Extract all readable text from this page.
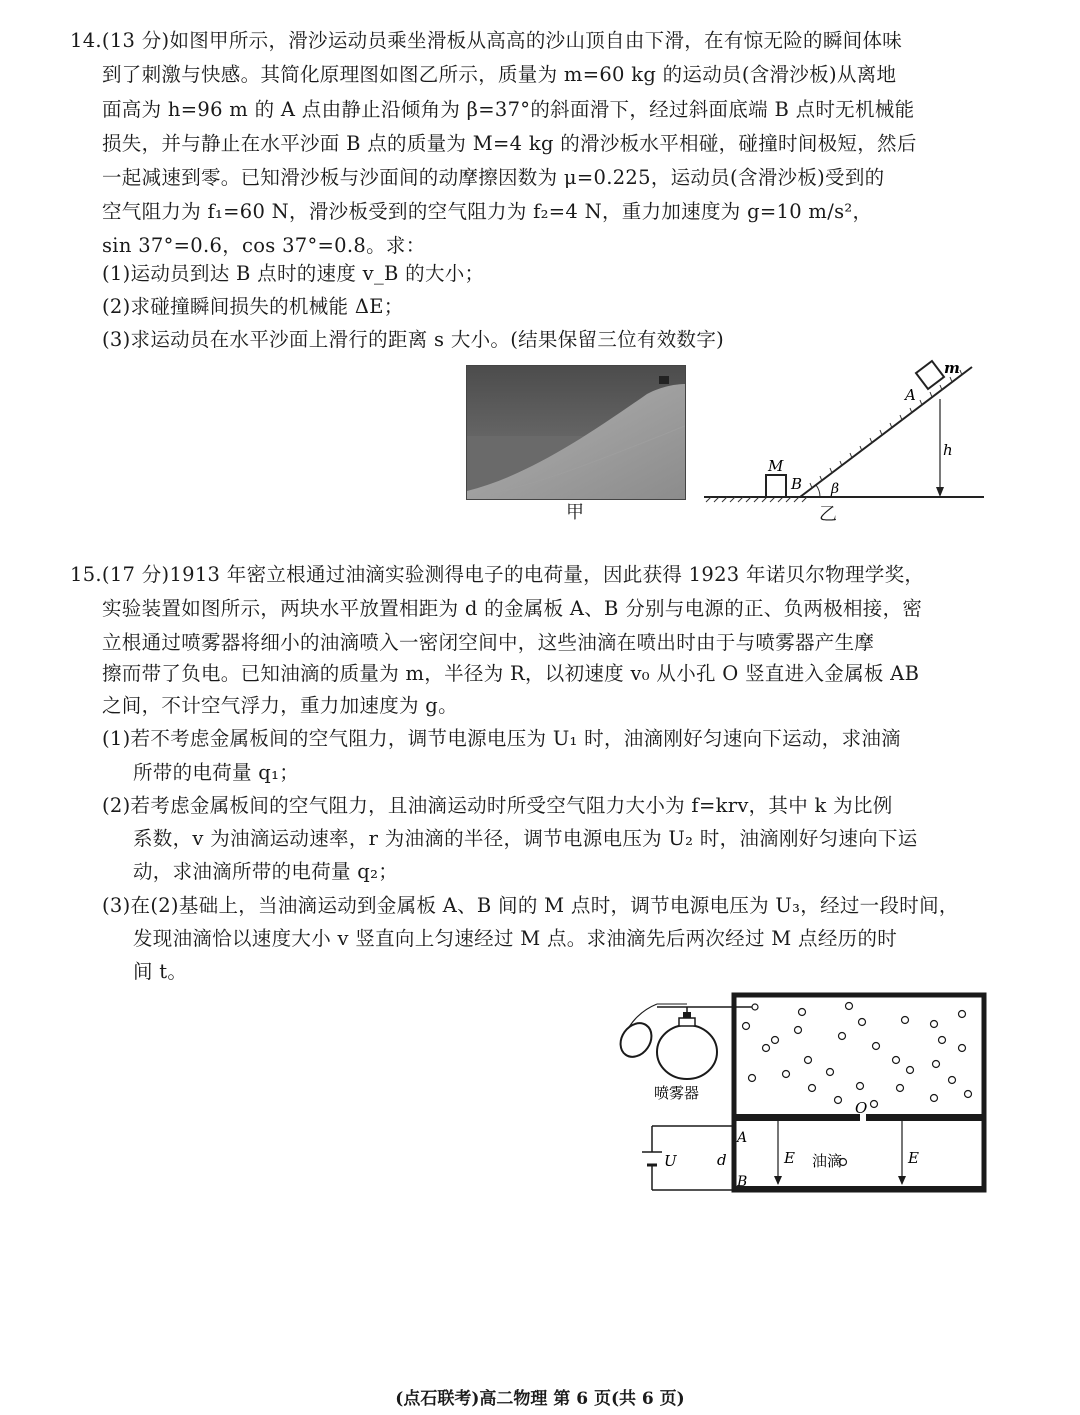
14.(13 分)如图甲所示，滑沙运动员乘坐滑板从高高的沙山顶自由下滑，在有惊无险的瞬间体味
到了刺激与快感。其简化原理图如图乙所示，质量为 m=60 kg 的运动员(含滑沙板)从离地
面高为 h=96 m 的 A 点由静止沿倾角为 β=37°的斜面滑下，经过斜面底端 B 点时无机械能
损失，并与静止在水平沙面 B 点的质量为 M=4 kg 的滑沙板水平相碰，碰撞时间极短，然后
一起减速到零。已知滑沙板与沙面间的动摩擦因数为 μ=0.225，运动员(含滑沙板)受到的
空气阻力为 f₁=60 N，滑沙板受到的空气阻力为 f₂=4 N，重力加速度为 g=10 m/s²，
sin 37°=0.6，cos 37°=0.8。求：
(1)运动员到达 B 点时的速度 v_B 的大小；
(2)求碰撞瞬间损失的机械能 ΔE；
(3)求运动员在水平沙面上滑行的距离 s 大小。(结果保留三位有效数字)
甲
m
A
h
M
B β
乙
15.(17 分)1913 年密立根通过油滴实验测得电子的电荷量，因此获得 1923 年诺贝尔物理学奖，
实验装置如图所示，两块水平放置相距为 d 的金属板 A、B 分别与电源的正、负两极相接，密
立根通过喷雾器将细小的油滴喷入一密闭空间中，这些油滴在喷出时由于与喷雾器产生摩
擦而带了负电。已知油滴的质量为 m，半径为 R，以初速度 v₀ 从小孔 O 竖直进入金属板 AB
之间，不计空气浮力，重力加速度为 g。
(1)若不考虑金属板间的空气阻力，调节电源电压为 U₁ 时，油滴刚好匀速向下运动，求油滴
所带的电荷量 q₁；
(2)若考虑金属板间的空气阻力，且油滴运动时所受空气阻力大小为 f=krv，其中 k 为比例
系数，v 为油滴运动速率，r 为油滴的半径，调节电源电压为 U₂ 时，油滴刚好匀速向下运
动，求油滴所带的电荷量 q₂；
(3)在(2)基础上，当油滴运动到金属板 A、B 间的 M 点时，调节电源电压为 U₃，经过一段时间，
发现油滴恰以速度大小 v 竖直向上匀速经过 M 点。求油滴先后两次经过 M 点经历的时
间 t。
O
喷雾器
U	d
A
B
E	E
油滴
(点石联考)高二物理 第 6 页(共 6 页)
